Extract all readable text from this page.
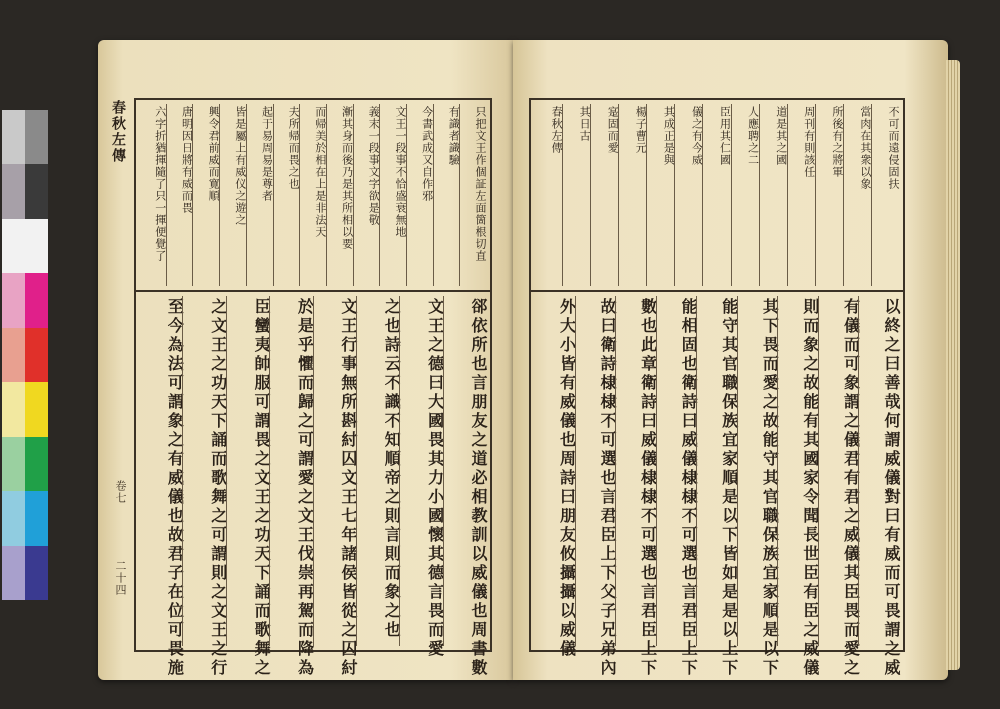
春秋左傳
卷七
二十四
只把文王作個証左面箇根切直
有識者識驗
今書武成又自作邪
文王一段事不恰盛衰無地
義末一段事文字欲是敬
漸其身而後乃是其所相以要
而帰美於相在上是非法天
夫所帰而畏之也
起于易周易是尊者
皆是屬上有威仪之遊之
興令君前威而寛順
唐明因日將有威而畏
六字折猶揮隨了只一揮便覺了
郤依所也言朋友之道必相教訓以威儀也周書數
文王之德曰大國畏其力小國懷其德言畏而愛
之也詩云不識不知順帝之則言則而象之也
文王行事無所斟紂囚文王七年諸侯皆從之囚紂
於是乎懼而歸之可謂愛之文王伐崇再駕而降為
臣蠻夷帥服可謂畏之文王之功天下誦而歌舞之
之文王之功天下誦而歌舞之可謂則之文王之行
至今為法可謂象之有威儀也故君子在位可畏施
不可而遠侵固扶
當肉在其衆以象
所後有之將軍
周刊有則該任
道是其之國
人應聘之二
臣用其仁國
儀之有今威
其成正是與
楊子曹元
寔固而愛
其日古
春秋左傳
以終之曰善哉何謂威儀對曰有威而可畏謂之威
有儀而可象謂之儀君有君之威儀其臣畏而愛之
則而象之故能有其國家令聞長世臣有臣之威儀
其下畏而愛之故能守其官職保族宜家順是以下
能守其官職保族宜家順是以下皆如是是以上下
能相固也衛詩曰威儀棣棣不可選也言君臣上下
數也此章衛詩曰威儀棣棣不可選也言君臣上下
故曰衛詩棣棣不可選也言君臣上下父子兄弟內
外大小皆有威儀也周詩曰朋友攸攝攝以威儀
